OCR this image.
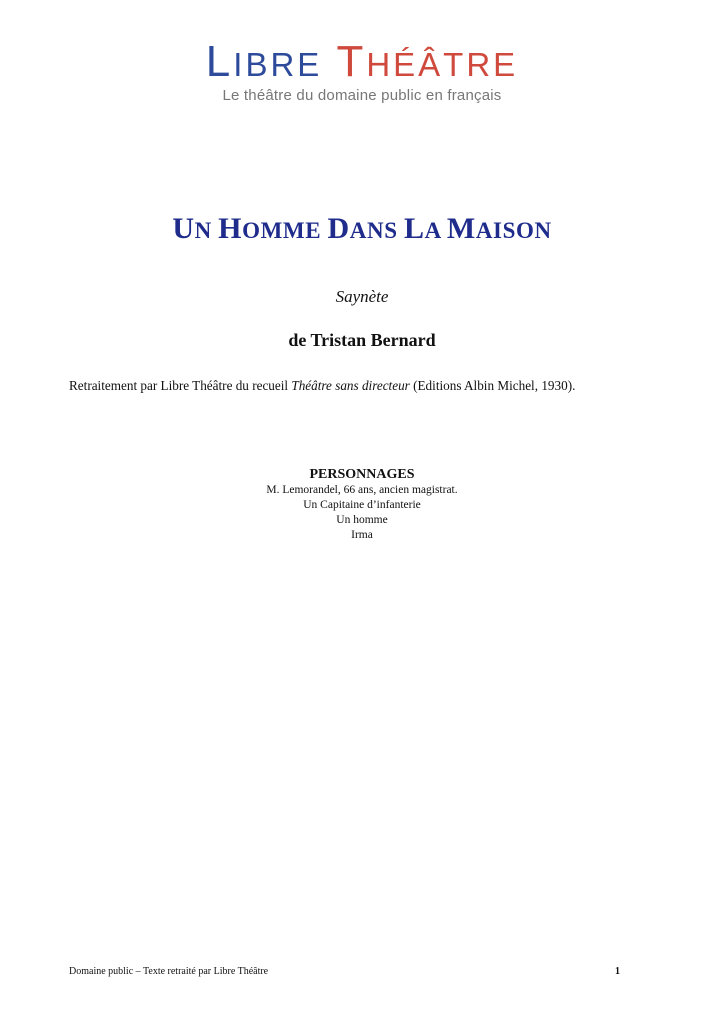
LIBRE THÉÂTRE
Le théâtre du domaine public en français
UN HOMME DANS LA MAISON
Saynète
de Tristan Bernard
Retraitement par Libre Théâtre du recueil Théâtre sans directeur (Editions Albin Michel, 1930).
PERSONNAGES
M. Lemorandel, 66 ans, ancien magistrat.
Un Capitaine d’infanterie
Un homme
Irma
Domaine public – Texte retraité par Libre Théâtre	1
